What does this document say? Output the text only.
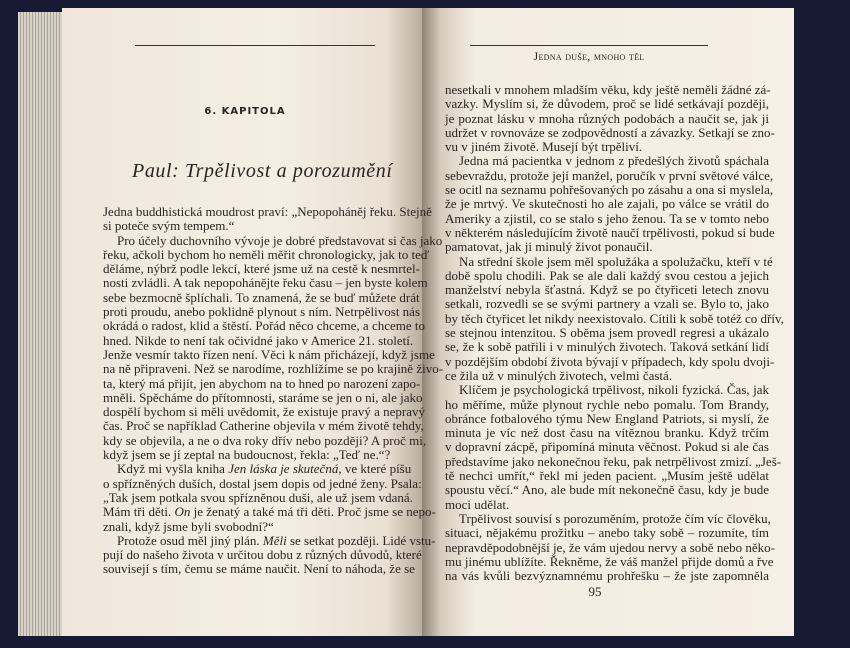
6. KAPITOLA
Paul: Trpělivost a porozumění
Jedna buddhistická moudrost praví: „Nepopoháněj řeku. Stejně
si poteče svým tempem.“
Pro účely duchovního vývoje je dobré představovat si čas jako
řeku, ačkoli bychom ho neměli měřit chronologicky, jak to teď
děláme, nýbrž podle lekcí, které jsme už na cestě k nesmrtel-
nosti zvládli. A tak nepopohánějte řeku času – jen byste kolem
sebe bezmocně šplíchali. To znamená, že se buď můžete drát
proti proudu, anebo poklidně plynout s ním. Netrpělivost nás
okrádá o radost, klid a štěstí. Pořád něco chceme, a chceme to
hned. Nikde to není tak očividné jako v Americe 21. století.
Jenže vesmír takto řízen není. Věci k nám přicházejí, když jsme
na ně připraveni. Než se narodíme, rozhlížíme se po krajině živo-
ta, který má přijít, jen abychom na to hned po narození zapo-
mněli. Spěcháme do přítomnosti, staráme se jen o ni, ale jako
dospělí bychom si měli uvědomit, že existuje pravý a nepravý
čas. Proč se například Catherine objevila v mém životě tehdy,
kdy se objevila, a ne o dva roky dřív nebo později? A proč mi,
když jsem se jí zeptal na budoucnost, řekla: „Teď ne.“?
Když mi vyšla kniha Jen láska je skutečná, ve které píšu
o spřízněných duších, dostal jsem dopis od jedné ženy. Psala:
„Tak jsem potkala svou spřízněnou duši, ale už jsem vdaná.
Mám tři děti. On je ženatý a také má tři děti. Proč jsme se nepo-
znali, když jsme byli svobodní?“
Protože osud měl jiný plán. Měli se setkat později. Lidé vstu-
pují do našeho života v určitou dobu z různých důvodů, které
souvisejí s tím, čemu se máme naučit. Není to náhoda, že se
Jedna duše, mnoho těl
nesetkali v mnohem mladším věku, kdy ještě neměli žádné zá-
vazky. Myslím si, že důvodem, proč se lidé setkávají později,
je poznat lásku v mnoha různých podobách a naučit se, jak ji
udržet v rovnováze se zodpovědností a závazky. Setkají se zno-
vu v jiném životě. Musejí být trpěliví.
Jedna má pacientka v jednom z předešlých životů spáchala
sebevraždu, protože její manžel, poručík v první světové válce,
se ocitl na seznamu pohřešovaných po zásahu a ona si myslela,
že je mrtvý. Ve skutečnosti ho ale zajali, po válce se vrátil do
Ameriky a zjistil, co se stalo s jeho ženou. Ta se v tomto nebo
v některém následujícím životě naučí trpělivosti, pokud si bude
pamatovat, jak ji minulý život ponaučil.
Na střední škole jsem měl spolužáka a spolužačku, kteří v té
době spolu chodili. Pak se ale dali každý svou cestou a jejich
manželství nebyla šťastná. Když se po čtyřiceti letech znovu
setkali, rozvedli se se svými partnery a vzali se. Bylo to, jako
by těch čtyřicet let nikdy neexistovalo. Cítili k sobě totéž co dřív,
se stejnou intenzitou. S oběma jsem provedl regresi a ukázalo
se, že k sobě patřili i v minulých životech. Taková setkání lidí
v pozdějším období života bývají v případech, kdy spolu dvoji-
ce žila už v minulých životech, velmi častá.
Klíčem je psychologická trpělivost, nikoli fyzická. Čas, jak
ho měříme, může plynout rychle nebo pomalu. Tom Brandy,
obránce fotbalového týmu New England Patriots, si myslí, že
minuta je víc než dost času na vítěznou branku. Když trčím
v dopravní zácpě, připomíná minuta věčnost. Pokud si ale čas
představíme jako nekonečnou řeku, pak netrpělivost zmizí. „Ješ-
tě nechci umřít,“ řekl mi jeden pacient. „Musím ještě udělat
spoustu věcí.“ Ano, ale bude mít nekonečně času, kdy je bude
moci udělat.
Trpělivost souvisí s porozuměním, protože čím víc člověku,
situaci, nějakému prožitku – anebo taky sobě – rozumíte, tím
nepravděpodobnější je, že vám ujedou nervy a sobě nebo něko-
mu jinému ublížíte. Řekněme, že váš manžel přijde domů a řve
na vás kvůli bezvýznamnému prohřešku – že jste zapomněla
95
